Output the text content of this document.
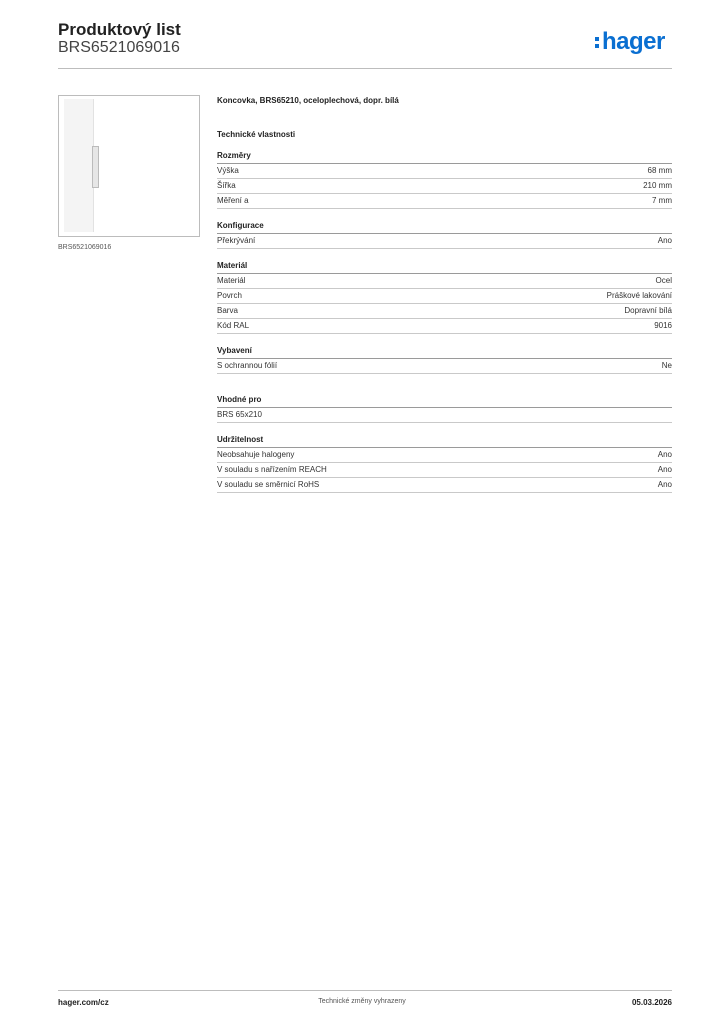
Produktový list
BRS6521069016	hager
BRS6521069016
Koncovka, BRS65210, oceloplechová, dopr. bílá
Technické vlastnosti
Rozměry
Výška	68 mm
Šířka	210 mm
Měření a	7 mm
Konfigurace
Překrývání	Ano
Materiál
Materiál	Ocel
Povrch	Práškové lakování
Barva	Dopravní bílá
Kód RAL	9016
Vybavení
S ochrannou fólií	Ne
Vhodné pro
BRS 65x210
Udržitelnost
Neobsahuje halogeny	Ano
V souladu s nařízením REACH	Ano
V souladu se směrnicí RoHS	Ano
hager.com/cz	Technické změny vyhrazeny	05.03.2026
